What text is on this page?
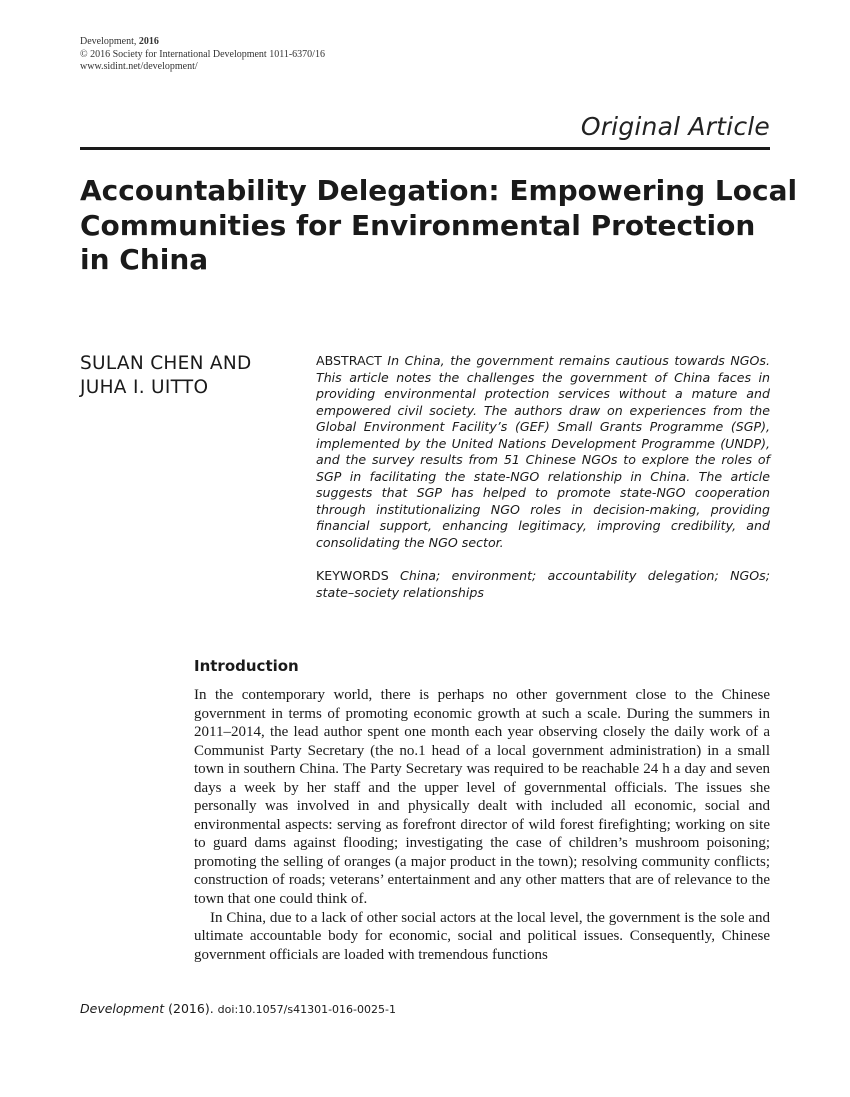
Development, 2016
© 2016 Society for International Development 1011-6370/16
www.sidint.net/development/
Original Article
Accountability Delegation: Empowering Local
Communities for Environmental Protection
in China
SULAN CHEN AND
JUHA I. UITTO

ABSTRACT In China, the government remains cautious towards NGOs. This article notes the challenges the government of China faces in providing environmental protection services without a mature and empowered civil society. The authors draw on experiences from the Global Environment Facility’s (GEF) Small Grants Programme (SGP), implemented by the United Nations Development Programme (UNDP), and the survey results from 51 Chinese NGOs to explore the roles of SGP in facilitating the state-NGO relationship in China. The article suggests that SGP has helped to promote state-NGO cooperation through institutionalizing NGO roles in decision-making, providing financial support, enhancing legitimacy, improving credibility, and consolidating the NGO sector.

KEYWORDS China; environment; accountability delegation; NGOs; state–society relationships

Introduction

In the contemporary world, there is perhaps no other government close to the Chinese government in terms of promoting economic growth at such a scale. During the summers in 2011–2014, the lead author spent one month each year observing closely the daily work of a Communist Party Secretary (the no.1 head of a local government administration) in a small town in southern China. The Party Secretary was required to be reachable 24 h a day and seven days a week by her staff and the upper level of governmental officials. The issues she personally was involved in and physically dealt with included all economic, social and environmental aspects: serving as forefront director of wild forest firefighting; working on site to guard dams against flooding; investigating the case of children’s mushroom poisoning; promoting the selling of oranges (a major product in the town); resolving community conflicts; construction of roads; veterans’ entertainment and any other matters that are of relevance to the town that one could think of.

In China, due to a lack of other social actors at the local level, the government is the sole and ultimate accountable body for economic, social and political issues. Consequently, Chinese government officials are loaded with tremendous functions

Development (2016). doi:10.1057/s41301-016-0025-1
